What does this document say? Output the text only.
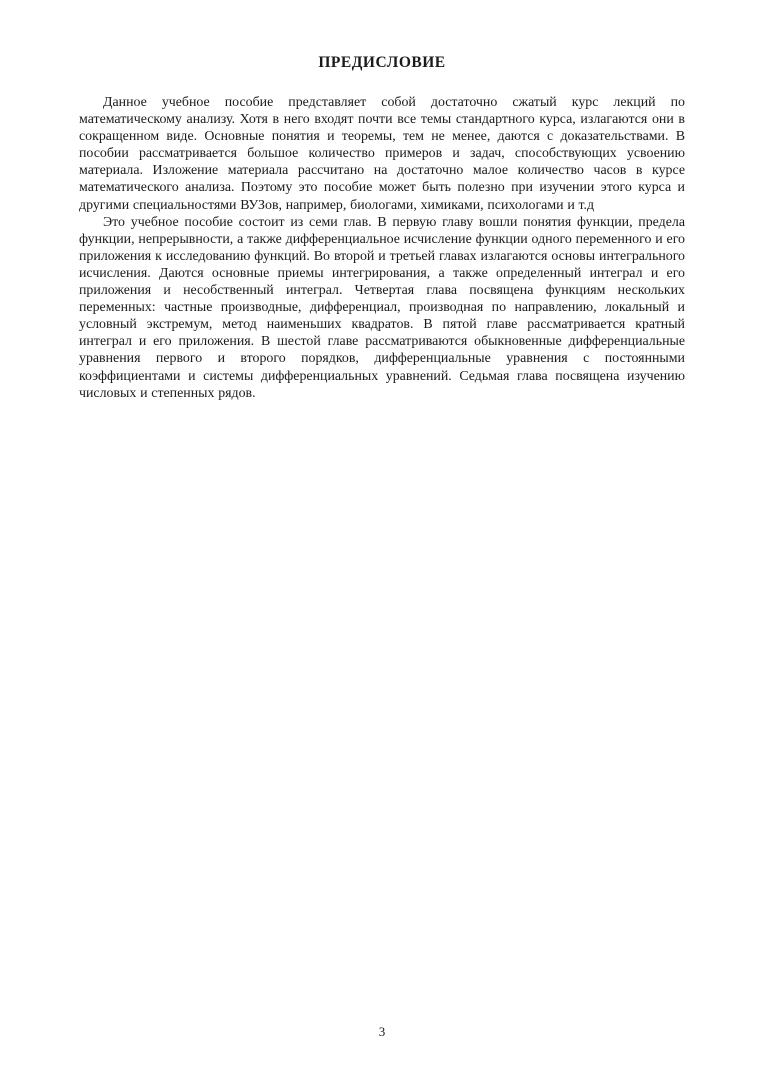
ПРЕДИСЛОВИЕ

Данное учебное пособие представляет собой достаточно сжатый курс лекций по математическому анализу. Хотя в него входят почти все темы стандартного курса, излагаются они в сокращенном виде. Основные понятия и теоремы, тем не менее, даются с доказательствами. В пособии рассматривается большое количество примеров и задач, способствующих усвоению материала. Изложение материала рассчитано на достаточно малое количество часов в курсе математического анализа. Поэтому это пособие может быть полезно при изучении этого курса и другими специальностями ВУЗов, например, биологами, химиками, психологами и т.д

Это учебное пособие состоит из семи глав. В первую главу вошли понятия функции, предела функции, непрерывности, а также дифференциальное исчисление функции одного переменного и его приложения к исследованию функций. Во второй и третьей главах излагаются основы интегрального исчисления. Даются основные приемы интегрирования, а также определенный интеграл и его приложения и несобственный интеграл. Четвертая глава посвящена функциям нескольких переменных: частные производные, дифференциал, производная по направлению, локальный и условный экстремум, метод наименьших квадратов. В пятой главе рассматривается кратный интеграл и его приложения. В шестой главе рассматриваются обыкновенные дифференциальные уравнения первого и второго порядков, дифференциальные уравнения с постоянными коэффициентами и системы дифференциальных уравнений. Седьмая глава посвящена изучению числовых и степенных рядов.

3
